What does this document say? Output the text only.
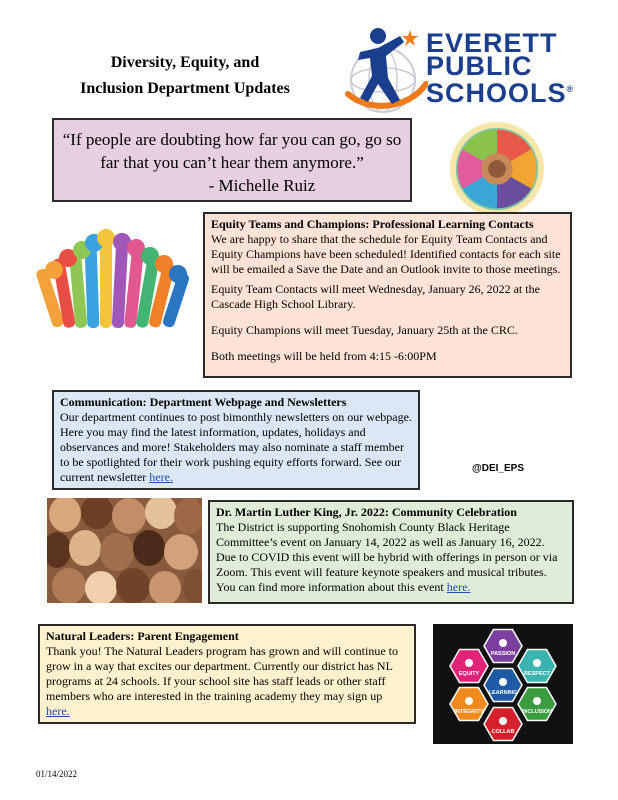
Diversity, Equity, and
Inclusion Department Updates
EVERETT
PUBLIC
SCHOOLS®
“If people are doubting how far you can go, go so
far that you can’t hear them anymore.”
- Michelle Ruiz
Equity Teams and Champions: Professional Learning Contacts

We are happy to share that the schedule for Equity Team Contacts and Equity Champions have been scheduled! Identified contacts for each site will be emailed a Save the Date and an Outlook invite to those meetings.

Equity Team Contacts will meet Wednesday, January 26, 2022 at the Cascade High School Library.

Equity Champions will meet Tuesday, January 25th at the CRC.

Both meetings will be held from 4:15 -6:00PM

Communication: Department Webpage and Newsletters

Our department continues to post bimonthly newsletters on our webpage. Here you may find the latest information, updates, holidays and observances and more! Stakeholders may also nominate a staff member to be spotlighted for their work pushing equity efforts forward. See our current newsletter here.

@DEI_EPS
Dr. Martin Luther King, Jr. 2022: Community Celebration

The District is supporting Snohomish County Black Heritage Committee’s event on January 14, 2022 as well as January 16, 2022. Due to COVID this event will be hybrid with offerings in person or via Zoom. This event will feature keynote speakers and musical tributes. You can find more information about this event here.

Natural Leaders: Parent Engagement

Thank you! The Natural Leaders program has grown and will continue to grow in a way that excites our department. Currently our district has NL programs at 24 schools. If your school site has staff leads or other staff members who are interested in the training academy they may sign up here.

PASSION
RESPECT
INCLUSION
COLLAB
INTEGRITY
EQUITY
LEARNING
01/14/2022
